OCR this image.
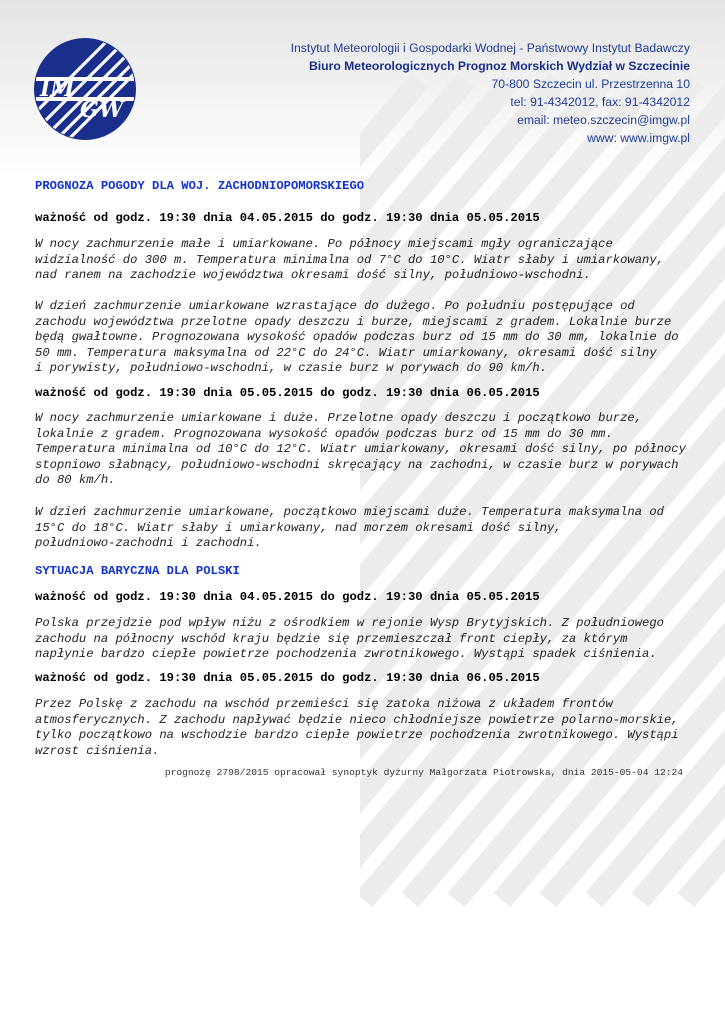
IM
GW
Instytut Meteorologii i Gospodarki Wodnej - Państwowy Instytut Badawczy
Biuro Meteorologicznych Prognoz Morskich Wydział w Szczecinie
70-800 Szczecin ul. Przestrzenna 10
tel: 91-4342012, fax: 91-4342012
email: meteo.szczecin@imgw.pl
www: www.imgw.pl
PROGNOZA POGODY DLA WOJ. ZACHODNIOPOMORSKIEGO
ważność od godz. 19:30 dnia 04.05.2015 do godz. 19:30 dnia 05.05.2015
W nocy zachmurzenie małe i umiarkowane. Po północy miejscami mgły ograniczające
widzialność do 300 m. Temperatura minimalna od 7°C do 10°C. Wiatr słaby i umiarkowany,
nad ranem na zachodzie województwa okresami dość silny, południowo-wschodni.
W dzień zachmurzenie umiarkowane wzrastające do dużego. Po południu postępujące od
zachodu województwa przelotne opady deszczu i burze, miejscami z gradem. Lokalnie burze
będą gwałtowne. Prognozowana wysokość opadów podczas burz od 15 mm do 30 mm, lokalnie do
50 mm. Temperatura maksymalna od 22°C do 24°C. Wiatr umiarkowany, okresami dość silny
i porywisty, południowo-wschodni, w czasie burz w porywach do 90 km/h.
ważność od godz. 19:30 dnia 05.05.2015 do godz. 19:30 dnia 06.05.2015
W nocy zachmurzenie umiarkowane i duże. Przelotne opady deszczu i początkowo burze,
lokalnie z gradem. Prognozowana wysokość opadów podczas burz od 15 mm do 30 mm.
Temperatura minimalna od 10°C do 12°C. Wiatr umiarkowany, okresami dość silny, po północy
stopniowo słabnący, południowo-wschodni skręcający na zachodni, w czasie burz w porywach
do 80 km/h.
W dzień zachmurzenie umiarkowane, początkowo miejscami duże. Temperatura maksymalna od
15°C do 18°C. Wiatr słaby i umiarkowany, nad morzem okresami dość silny,
południowo-zachodni i zachodni.
SYTUACJA BARYCZNA DLA POLSKI
ważność od godz. 19:30 dnia 04.05.2015 do godz. 19:30 dnia 05.05.2015
Polska przejdzie pod wpływ niżu z ośrodkiem w rejonie Wysp Brytyjskich. Z południowego
zachodu na północny wschód kraju będzie się przemieszczał front ciepły, za którym
napłynie bardzo ciepłe powietrze pochodzenia zwrotnikowego. Wystąpi spadek ciśnienia.
ważność od godz. 19:30 dnia 05.05.2015 do godz. 19:30 dnia 06.05.2015
Przez Polskę z zachodu na wschód przemieści się zatoka niżowa z układem frontów
atmosferycznych. Z zachodu napływać będzie nieco chłodniejsze powietrze polarno-morskie,
tylko początkowo na wschodzie bardzo ciepłe powietrze pochodzenia zwrotnikowego. Wystąpi
wzrost ciśnienia.
prognozę 2798/2015 opracował synoptyk dyżurny Małgorzata Piotrowska, dnia 2015-05-04 12:24
